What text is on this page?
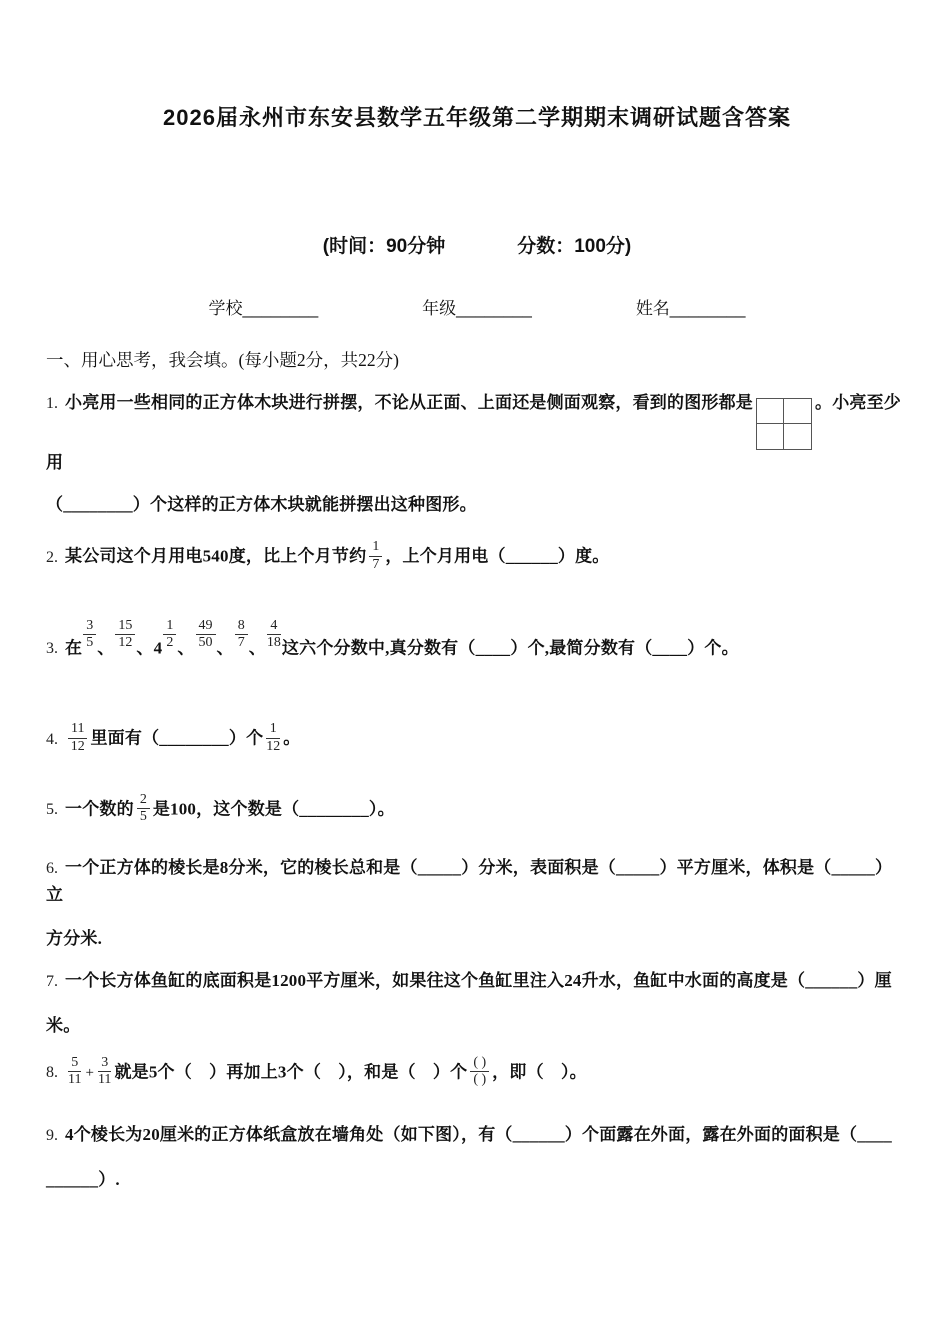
2026届永州市东安县数学五年级第二学期期末调研试题含答案
(时间：90分钟	分数：100分)
学校________	年级________	姓名________
一、用心思考，我会填。(每小题2分，共22分)
1. 小亮用一些相同的正方体木块进行拼摆，不论从正面、上面还是侧面观察，看到的图形都是	。小亮至少用
（________）个这样的正方体木块就能拼摆出这种图形。
2. 某公司这个月用电540度，比上个月节约 $\frac{1}{7}$ ，上个月用电（______）度。
3. 在 $\frac{3}{5}$ 、 $\frac{15}{12}$ 、$4 \frac{1}{2}$ 、 $\frac{49}{50}$ 、 $\frac{8}{7}$ 、 $\frac{4}{18}$ 这六个分数中,真分数有（____）个,最简分数有（____）个。
4. $\frac{11}{12}$ 里面有（________）个 $\frac{1}{12}$ 。
5. 一个数的 $\frac{2}{5}$ 是100，这个数是（________）。
6. 一个正方体的棱长是8分米，它的棱长总和是（_____）分米，表面积是（_____）平方厘米，体积是（_____）立
方分米.
7. 一个长方体鱼缸的底面积是1200平方厘米，如果往这个鱼缸里注入24升水，鱼缸中水面的高度是（______）厘
米。
8. $\frac{5}{11} + \frac{3}{11}$ 就是5个（　）再加上3个（　），和是（　）个 $\frac{( )}{( )}$ ，即（　）。
9. 4个棱长为20厘米的正方体纸盒放在墙角处（如下图），有（______）个面露在外面，露在外面的面积是（____
______）.
